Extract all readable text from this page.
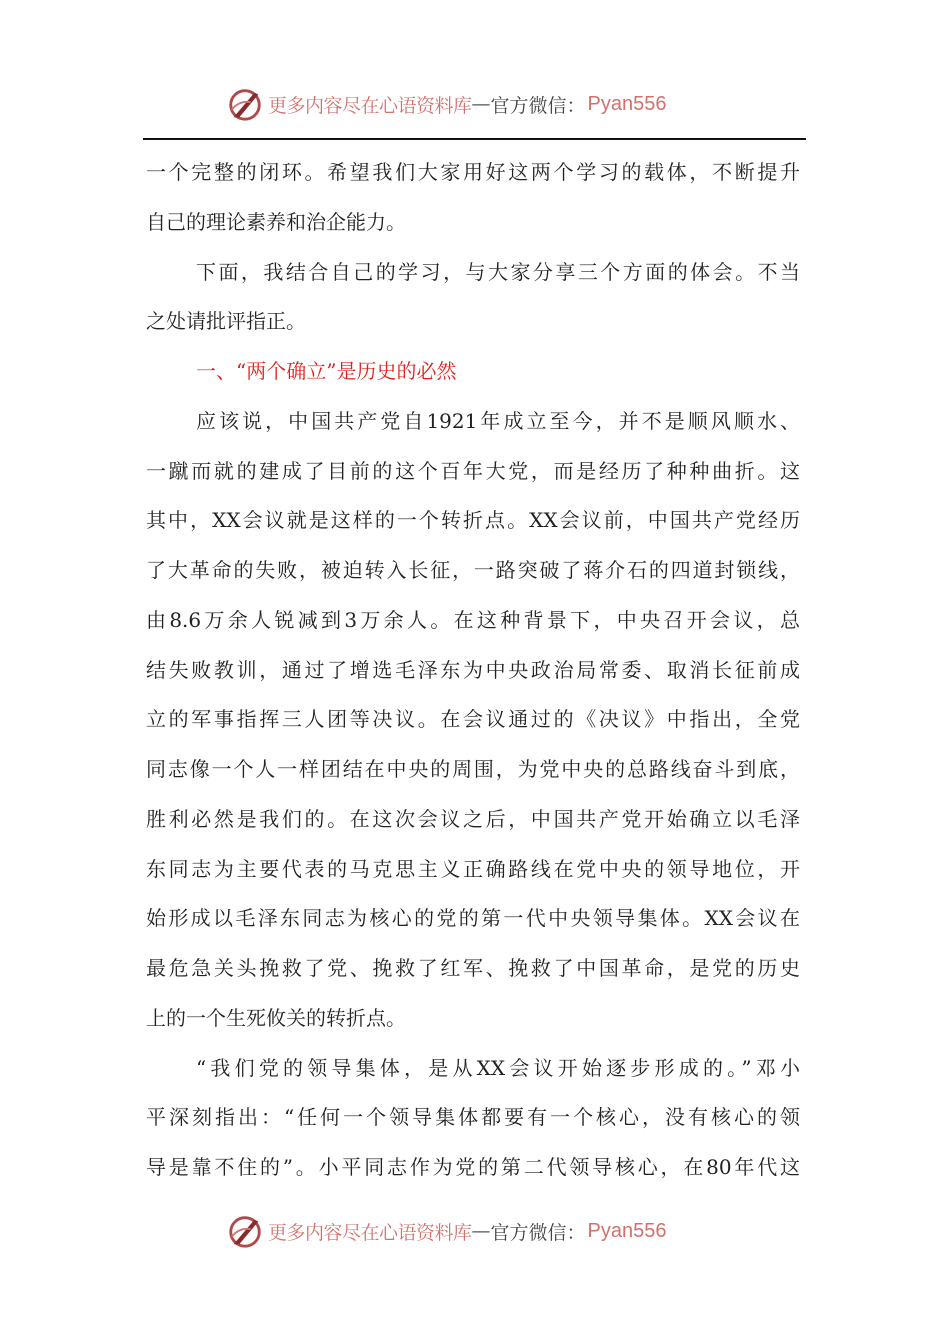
更多内容尽在心语资料库 — 官方微信： Pyan556
一个完整的闭环。希望我们大家用好这两个学习的载体，不断提升
自己的理论素养和治企能力。
下面，我结合自己的学习，与大家分享三个方面的体会。不当
之处请批评指正。
一、“两个确立”是历史的必然
应该说，中国共产党自1921年成立至今，并不是顺风顺水、
一蹴而就的建成了目前的这个百年大党，而是经历了种种曲折。这
其中，XX会议就是这样的一个转折点。XX会议前，中国共产党经历
了大革命的失败，被迫转入长征，一路突破了蒋介石的四道封锁线，
由8.6万余人锐减到3万余人。在这种背景下，中央召开会议，总
结失败教训，通过了增选毛泽东为中央政治局常委、取消长征前成
立的军事指挥三人团等决议。在会议通过的《决议》中指出，全党
同志像一个人一样团结在中央的周围，为党中央的总路线奋斗到底，
胜利必然是我们的。在这次会议之后，中国共产党开始确立以毛泽
东同志为主要代表的马克思主义正确路线在党中央的领导地位，开
始形成以毛泽东同志为核心的党的第一代中央领导集体。XX会议在
最危急关头挽救了党、挽救了红军、挽救了中国革命，是党的历史
上的一个生死攸关的转折点。
“我们党的领导集体，是从XX会议开始逐步形成的。”邓小
平深刻指出：“任何一个领导集体都要有一个核心，没有核心的领
导是靠不住的”。小平同志作为党的第二代领导核心，在80年代这
更多内容尽在心语资料库 — 官方微信： Pyan556
